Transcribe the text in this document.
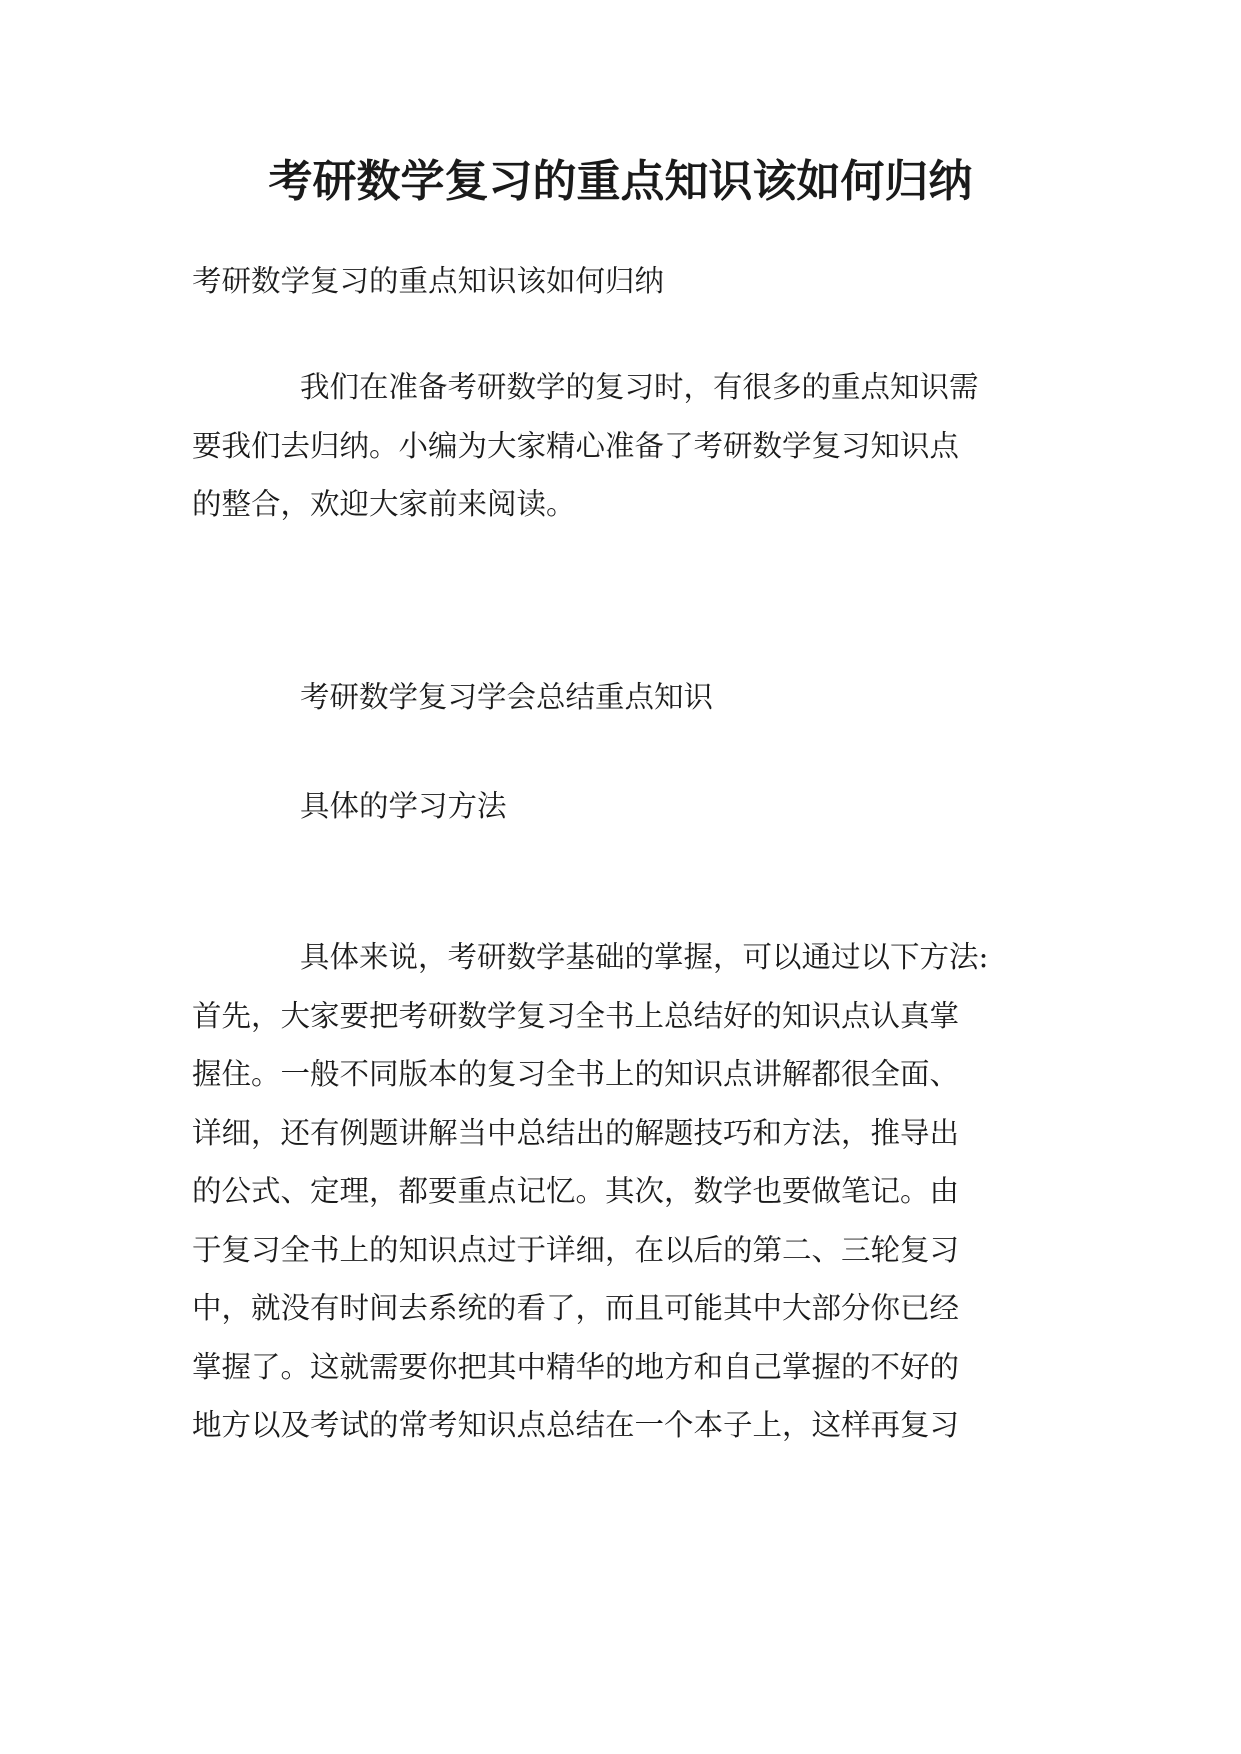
考研数学复习的重点知识该如何归纳

考研数学复习的重点知识该如何归纳

我们在准备考研数学的复习时，有很多的重点知识需
要我们去归纳。小编为大家精心准备了考研数学复习知识点
的整合，欢迎大家前来阅读。

考研数学复习学会总结重点知识

具体的学习方法

具体来说，考研数学基础的掌握，可以通过以下方法:
首先，大家要把考研数学复习全书上总结好的知识点认真掌
握住。一般不同版本的复习全书上的知识点讲解都很全面、
详细，还有例题讲解当中总结出的解题技巧和方法，推导出
的公式、定理，都要重点记忆。其次，数学也要做笔记。由
于复习全书上的知识点过于详细，在以后的第二、三轮复习
中，就没有时间去系统的看了，而且可能其中大部分你已经
掌握了。这就需要你把其中精华的地方和自己掌握的不好的
地方以及考试的常考知识点总结在一个本子上，这样再复习
